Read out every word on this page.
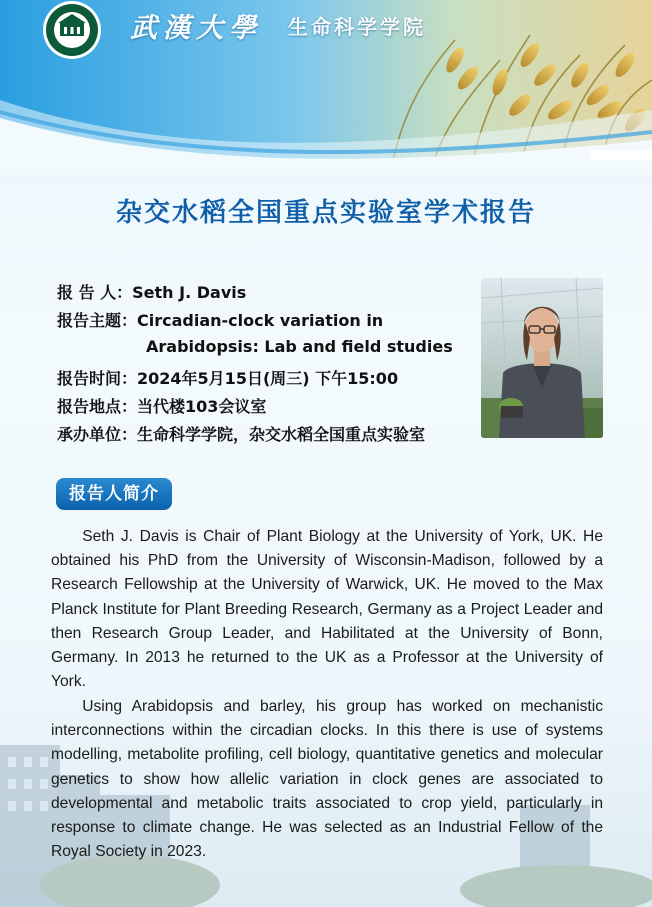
武漢大學 生命科学学院
杂交水稻全国重点实验室学术报告
报 告 人：Seth J. Davis
报告主题：Circadian-clock variation in
Arabidopsis: Lab and field studies
报告时间：2024年5月15日(周三) 下午15:00
报告地点：当代楼103会议室
承办单位：生命科学学院，杂交水稻全国重点实验室
报告人简介

Seth J. Davis is Chair of Plant Biology at the University of York, UK. He obtained his PhD from the University of Wisconsin-Madison, followed by a Research Fellowship at the University of Warwick, UK. He moved to the Max Planck Institute for Plant Breeding Research, Germany as a Project Leader and then Research Group Leader, and Habilitated at the University of Bonn, Germany. In 2013 he returned to the UK as a Professor at the University of York.

Using Arabidopsis and barley, his group has worked on mechanistic interconnections within the circadian clocks. In this there is use of systems modelling, metabolite profiling, cell biology, quantitative genetics and molecular genetics to show how allelic variation in clock genes are associated to developmental and metabolic traits associated to crop yield, particularly in response to climate change. He was selected as an Industrial Fellow of the Royal Society in 2023.
